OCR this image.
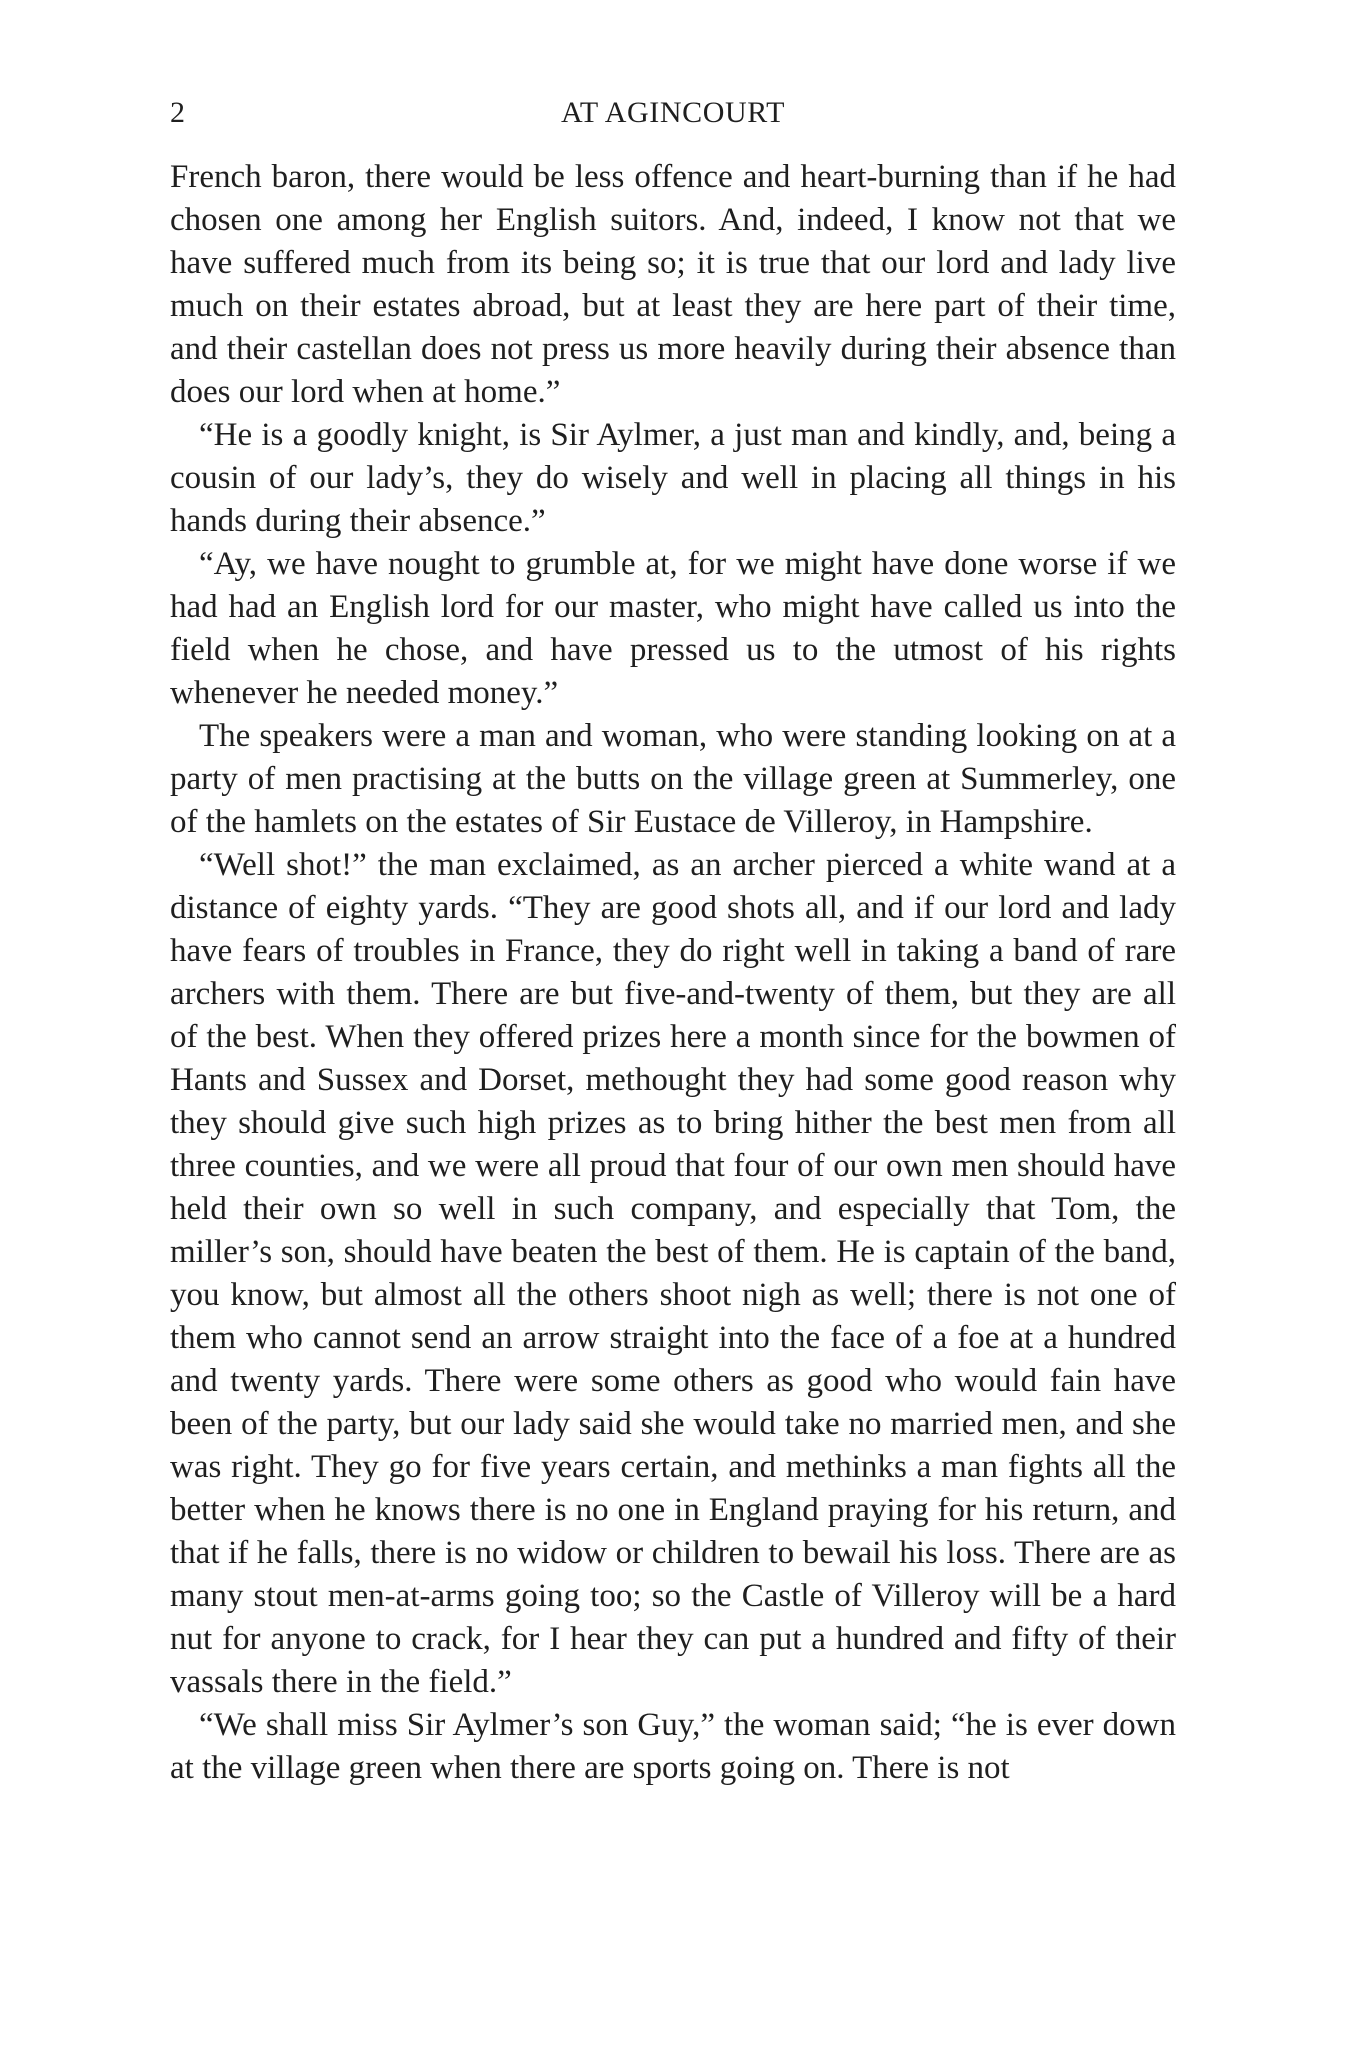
2	AT AGINCOURT

French baron, there would be less offence and heart-burning than if he had chosen one among her English suitors. And, indeed, I know not that we have suffered much from its being so; it is true that our lord and lady live much on their estates abroad, but at least they are here part of their time, and their castellan does not press us more heavily during their absence than does our lord when at home.”

“He is a goodly knight, is Sir Aylmer, a just man and kindly, and, being a cousin of our lady’s, they do wisely and well in placing all things in his hands during their absence.”

“Ay, we have nought to grumble at, for we might have done worse if we had had an English lord for our master, who might have called us into the field when he chose, and have pressed us to the utmost of his rights whenever he needed money.”

The speakers were a man and woman, who were standing looking on at a party of men practising at the butts on the village green at Summerley, one of the hamlets on the estates of Sir Eustace de Villeroy, in Hampshire.

“Well shot!” the man exclaimed, as an archer pierced a white wand at a distance of eighty yards. “They are good shots all, and if our lord and lady have fears of troubles in France, they do right well in taking a band of rare archers with them. There are but five-and-twenty of them, but they are all of the best. When they offered prizes here a month since for the bowmen of Hants and Sussex and Dorset, methought they had some good reason why they should give such high prizes as to bring hither the best men from all three counties, and we were all proud that four of our own men should have held their own so well in such company, and especially that Tom, the miller’s son, should have beaten the best of them. He is captain of the band, you know, but almost all the others shoot nigh as well; there is not one of them who cannot send an arrow straight into the face of a foe at a hundred and twenty yards. There were some others as good who would fain have been of the party, but our lady said she would take no married men, and she was right. They go for five years certain, and methinks a man fights all the better when he knows there is no one in England praying for his return, and that if he falls, there is no widow or children to bewail his loss. There are as many stout men-at-arms going too; so the Castle of Villeroy will be a hard nut for anyone to crack, for I hear they can put a hundred and fifty of their vassals there in the field.”

“We shall miss Sir Aylmer’s son Guy,” the woman said; “he is ever down at the village green when there are sports going on. There is not
